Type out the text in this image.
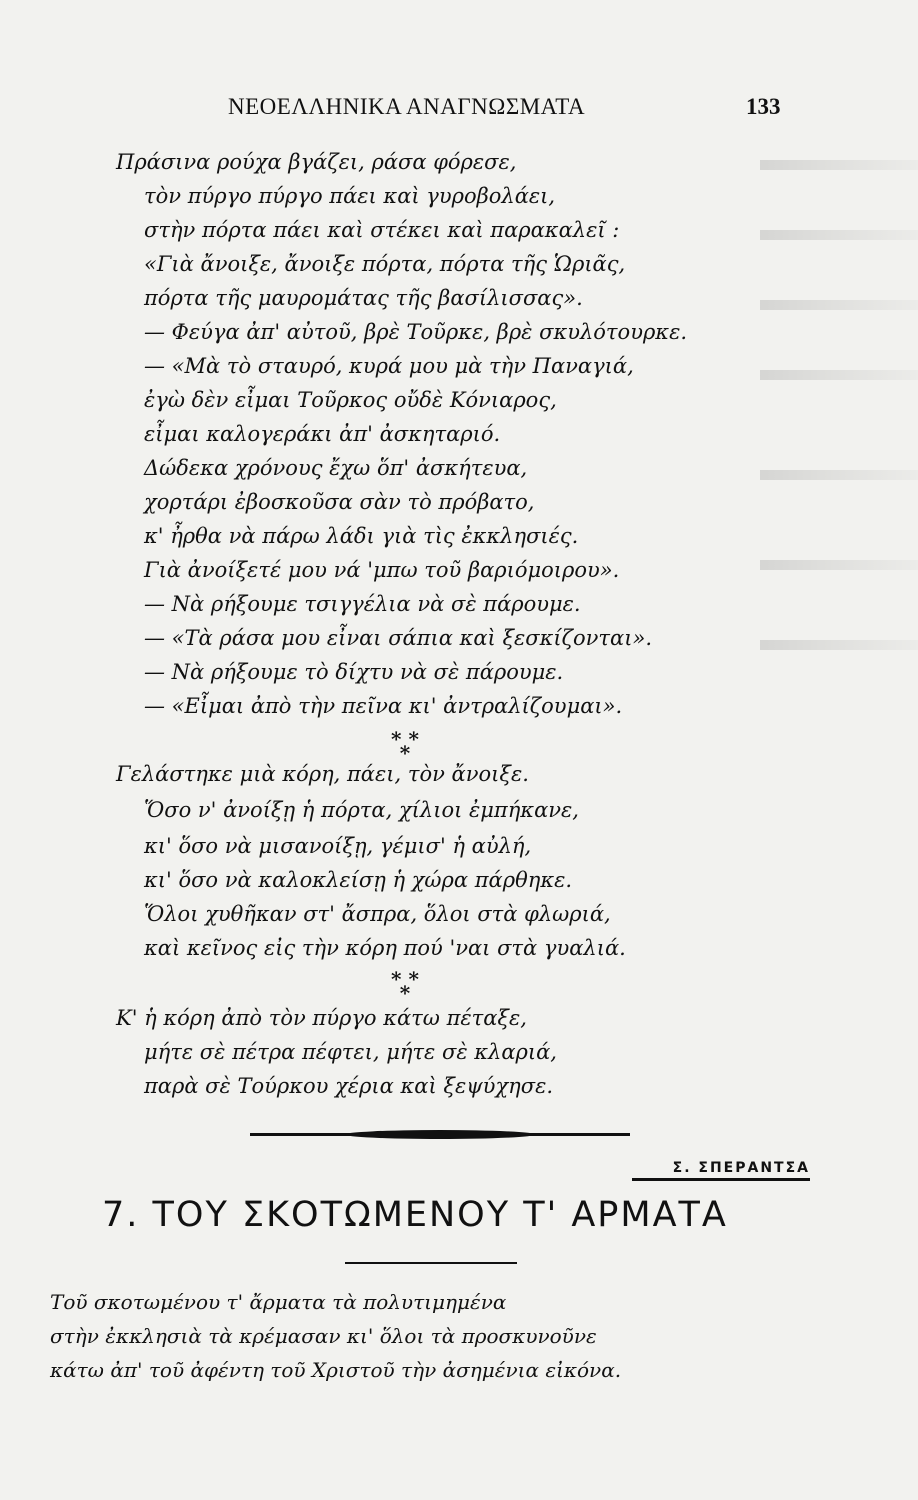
ΝΕΟΕΛΛΗΝΙΚΑ ΑΝΑΓΝΩΣΜΑΤΑ	133
Πράσινα ρούχα βγάζει, ράσα φόρεσε,
τὸν πύργο πύργο πάει καὶ γυροβολάει,
στὴν πόρτα πάει καὶ στέκει καὶ παρακαλεῖ :
«Γιὰ ἄνοιξε, ἄνοιξε πόρτα, πόρτα τῆς Ὡριᾶς,
πόρτα τῆς μαυρομάτας τῆς βασίλισσας».
— Φεύγα ἀπ' αὐτοῦ, βρὲ Τοῦρκε, βρὲ σκυλότουρκε.
— «Μὰ τὸ σταυρό, κυρά μου μὰ τὴν Παναγιά,
ἐγὼ δὲν εἶμαι Τοῦρκος οὔδὲ Κόνιαρος,
εἶμαι καλογεράκι ἀπ' ἀσκηταριό.
Δώδεκα χρόνους ἔχω ὅπ' ἀσκήτευα,
χορτάρι ἐβοσκοῦσα σὰν τὸ πρόβατο,
κ' ἦρθα νὰ πάρω λάδι γιὰ τὶς ἐκκλησιές.
Γιὰ ἀνοίξετέ μου νά 'μπω τοῦ βαριόμοιρου».
— Νὰ ρήξουμε τσιγγέλια νὰ σὲ πάρουμε.
— «Τὰ ράσα μου εἶναι σάπια καὶ ξεσκίζονται».
— Νὰ ρήξουμε τὸ δίχτυ νὰ σὲ πάρουμε.
— «Εἶμαι ἀπὸ τὴν πεῖνα κι' ἀντραλίζουμαι».
* * *
Γελάστηκε μιὰ κόρη, πάει, τὸν ἄνοιξε.
Ὅσο ν' ἀνοίξῃ ἡ πόρτα, χίλιοι ἐμπήκανε,
κι' ὅσο νὰ μισανοίξῃ, γέμισ' ἡ αὐλή,
κι' ὅσο νὰ καλοκλείσῃ ἡ χώρα πάρθηκε.
Ὅλοι χυθῆκαν στ' ἄσπρα, ὅλοι στὰ φλωριά,
καὶ κεῖνος εἰς τὴν κόρη πού 'ναι στὰ γυαλιά.
* * *
Κ' ἡ κόρη ἀπὸ τὸν πύργο κάτω πέταξε,
μήτε σὲ πέτρα πέφτει, μήτε σὲ κλαριά,
παρὰ σὲ Τούρκου χέρια καὶ ξεψύχησε.
Σ. ΣΠΕΡΑΝΤΣΑ
7. ΤΟΥ ΣΚΟΤΩΜΕΝΟΥ Τ' ΑΡΜΑΤΑ
Τοῦ σκοτωμένου τ' ἄρματα τὰ πολυτιμημένα
στὴν ἐκκλησιὰ τὰ κρέμασαν κι' ὅλοι τὰ προσκυνοῦνε
κάτω ἀπ' τοῦ ἀφέντη τοῦ Χριστοῦ τὴν ἀσημένια εἰκόνα.
